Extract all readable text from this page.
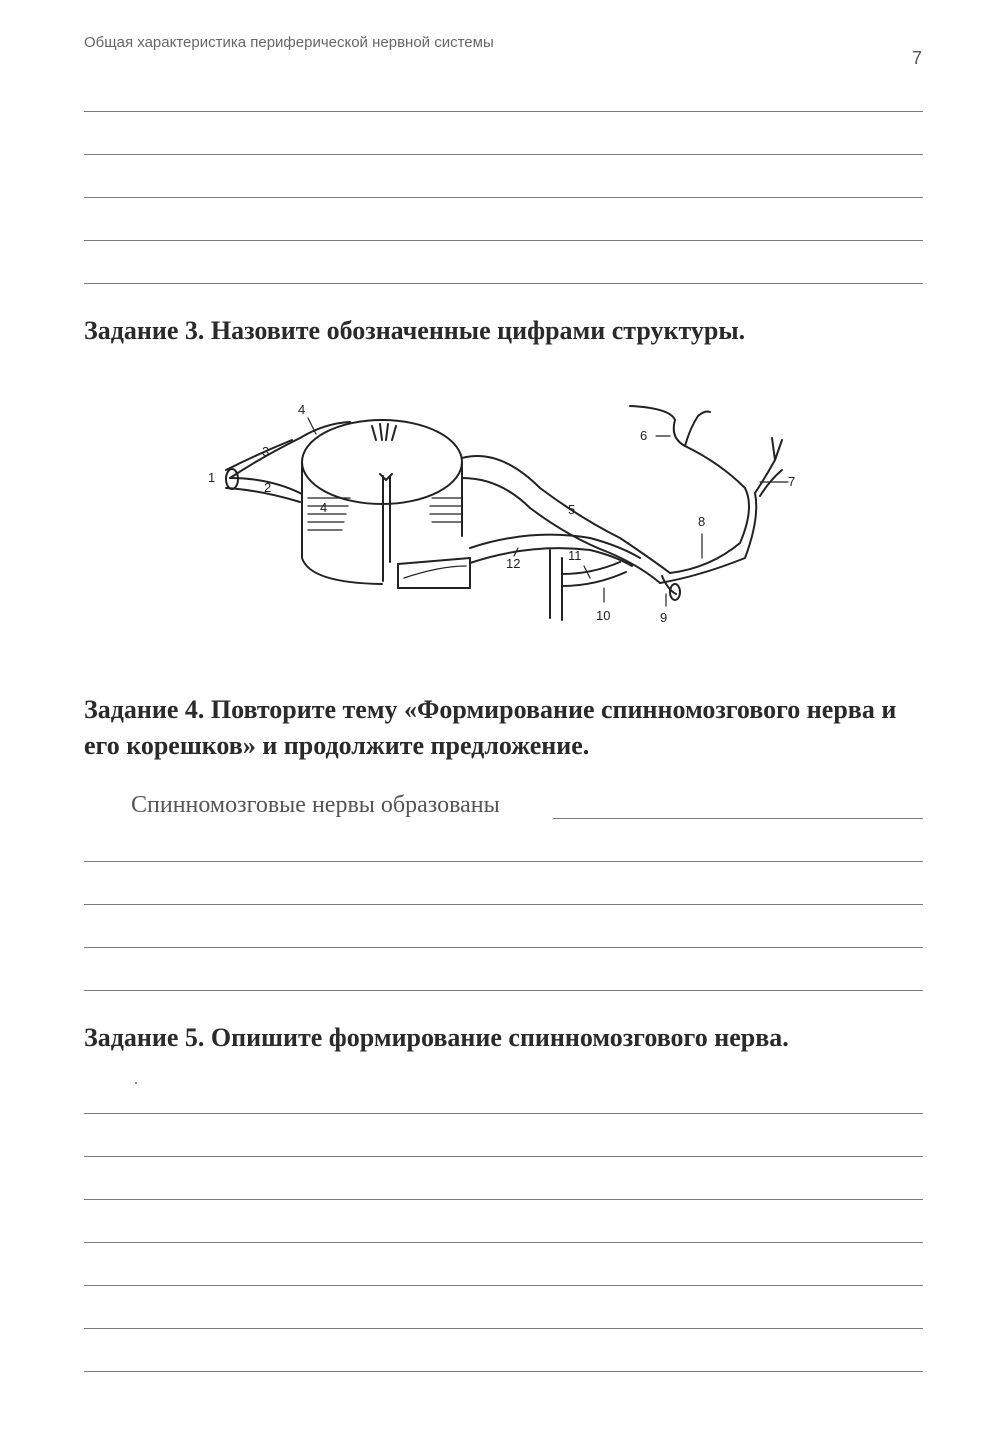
Общая характеристика периферической нервной системы
7
Задание 3. Назовите обозначенные цифрами структуры.
1
2
3
4
4	5
6
7
8
9
10
11
12
Задание 4. Повторите тему «Формирование спинномозгового нерва и его корешков» и продолжите предложение.
Спинномозговые нервы образованы
Задание 5. Опишите формирование спинномозгового нерва.
